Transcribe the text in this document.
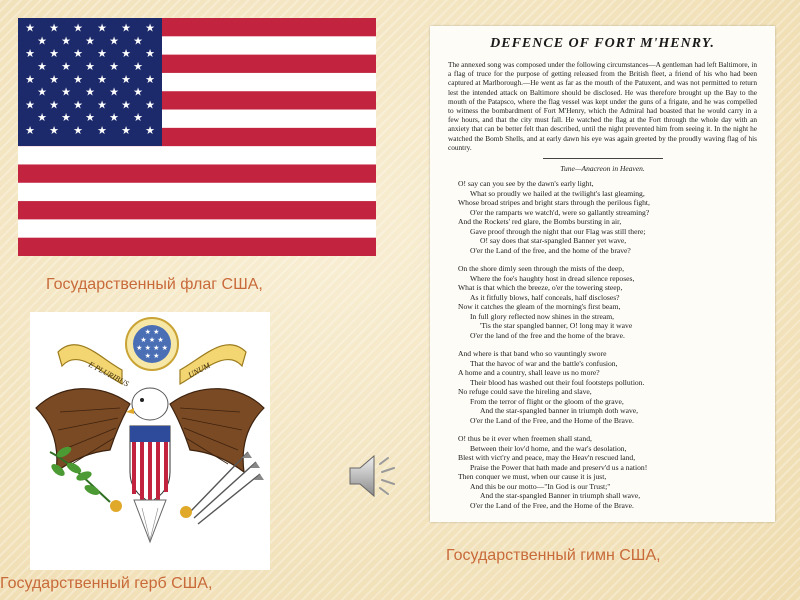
★ ★ ★ ★ ★ ★
★ ★ ★ ★ ★
★ ★ ★ ★ ★ ★
★ ★ ★ ★ ★
★ ★ ★ ★ ★ ★
★ ★ ★ ★ ★
★ ★ ★ ★ ★ ★
★ ★ ★ ★ ★
★ ★ ★ ★ ★ ★
Государственный флаг США,
★ ★
★ ★ ★
★ ★ ★ ★
★ ★
E PLURIBUS	UNUM
Государственный герб США,
DEFENCE OF FORT M'HENRY.
The annexed song was composed under the following circumstances—A gentleman had left Baltimore, in a flag of truce for the purpose of getting released from the British fleet, a friend of his who had been captured at Marlborough.—He went as far as the mouth of the Patuxent, and was not permitted to return lest the intended attack on Baltimore should be disclosed. He was therefore brought up the Bay to the mouth of the Patapsco, where the flag vessel was kept under the guns of a frigate, and he was compelled to witness the bombardment of Fort M'Henry, which the Admiral had boasted that he would carry in a few hours, and that the city must fall. He watched the flag at the Fort through the whole day with an anxiety that can be better felt than described, until the night prevented him from seeing it. In the night he watched the Bomb Shells, and at early dawn his eye was again greeted by the proudly waving flag of his country.
Tune—Anacreon in Heaven.
O! say can you see by the dawn's early light,
What so proudly we hailed at the twilight's last gleaming,
Whose broad stripes and bright stars through the perilous fight,
O'er the ramparts we watch'd, were so gallantly streaming?
And the Rockets' red glare, the Bombs bursting in air,
Gave proof through the night that our Flag was still there;
O! say does that star-spangled Banner yet wave,
O'er the Land of the free, and the home of the brave?
On the shore dimly seen through the mists of the deep,
Where the foe's haughty host in dread silence reposes,
What is that which the breeze, o'er the towering steep,
As it fitfully blows, half conceals, half discloses?
Now it catches the gleam of the morning's first beam,
In full glory reflected now shines in the stream,
'Tis the star spangled banner, O! long may it wave
O'er the land of the free and the home of the brave.
And where is that band who so vauntingly swore
That the havoc of war and the battle's confusion,
A home and a country, shall leave us no more?
Their blood has washed out their foul footsteps pollution.
No refuge could save the hireling and slave,
From the terror of flight or the gloom of the grave,
And the star-spangled banner in triumph doth wave,
O'er the Land of the Free, and the Home of the Brave.
O! thus be it ever when freemen shall stand,
Between their lov'd home, and the war's desolation,
Blest with vict'ry and peace, may the Heav'n rescued land,
Praise the Power that hath made and preserv'd us a nation!
Then conquer we must, when our cause it is just,
And this be our motto—"In God is our Trust;"
And the star-spangled Banner in triumph shall wave,
O'er the Land of the Free, and the Home of the Brave.
Государственный гимн США,
